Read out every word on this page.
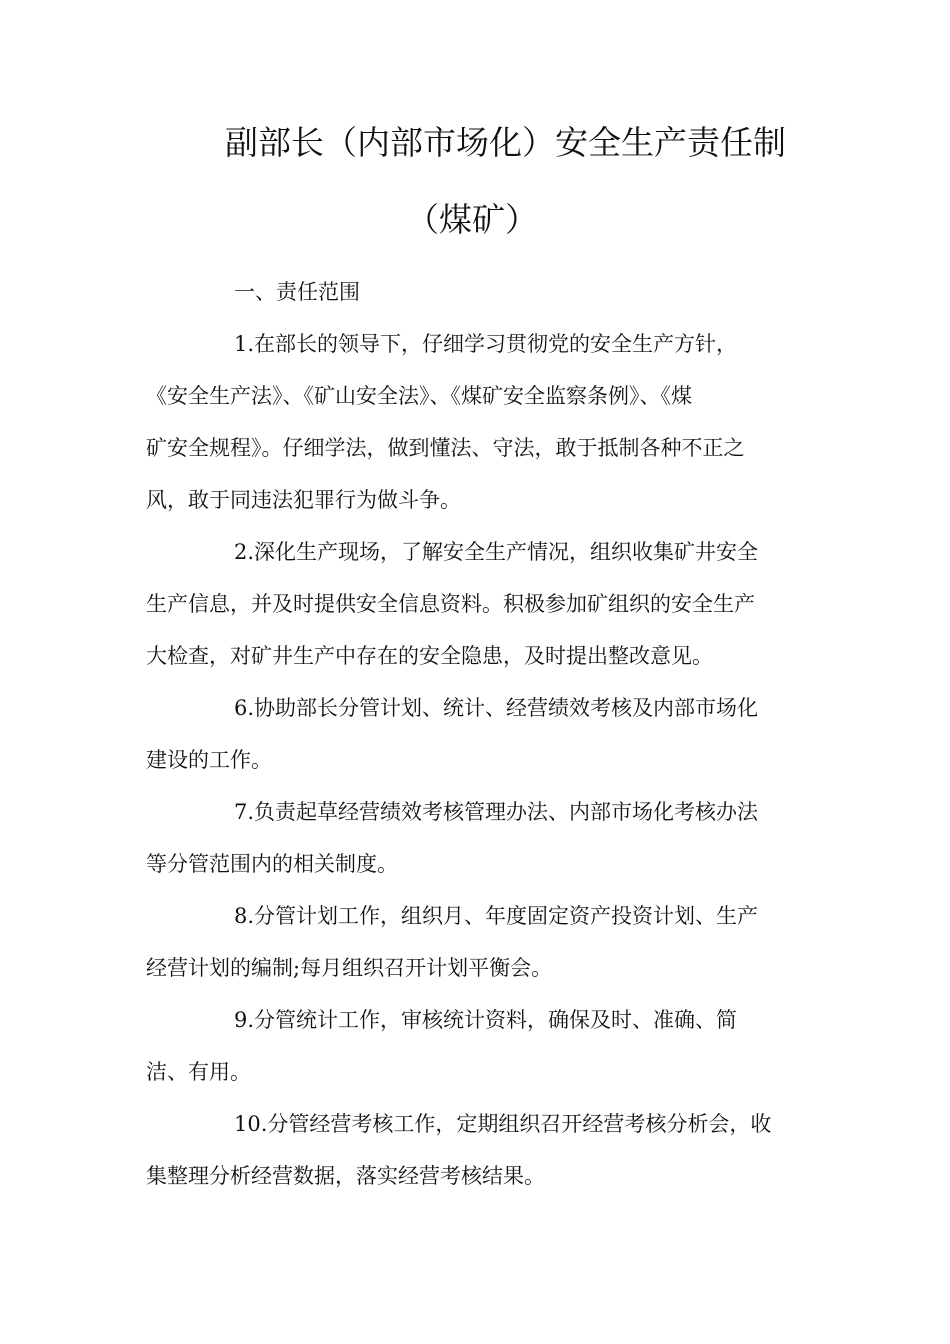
副部长（内部市场化）安全生产责任制
（煤矿）
一、责任范围
1.在部长的领导下，仔细学习贯彻党的安全生产方针，
《安全生产法》、《矿山安全法》、《煤矿安全监察条例》、《煤
矿安全规程》。仔细学法，做到懂法、守法，敢于抵制各种不正之
风，敢于同违法犯罪行为做斗争。
2.深化生产现场，了解安全生产情况，组织收集矿井安全
生产信息，并及时提供安全信息资料。积极参加矿组织的安全生产
大检查，对矿井生产中存在的安全隐患，及时提出整改意见。
6.协助部长分管计划、统计、经营绩效考核及内部市场化
建设的工作。
7.负责起草经营绩效考核管理办法、内部市场化考核办法
等分管范围内的相关制度。
8.分管计划工作，组织月、年度固定资产投资计划、生产
经营计划的编制;每月组织召开计划平衡会。
9.分管统计工作，审核统计资料，确保及时、准确、简
洁、有用。
10.分管经营考核工作，定期组织召开经营考核分析会，收
集整理分析经营数据，落实经营考核结果。
